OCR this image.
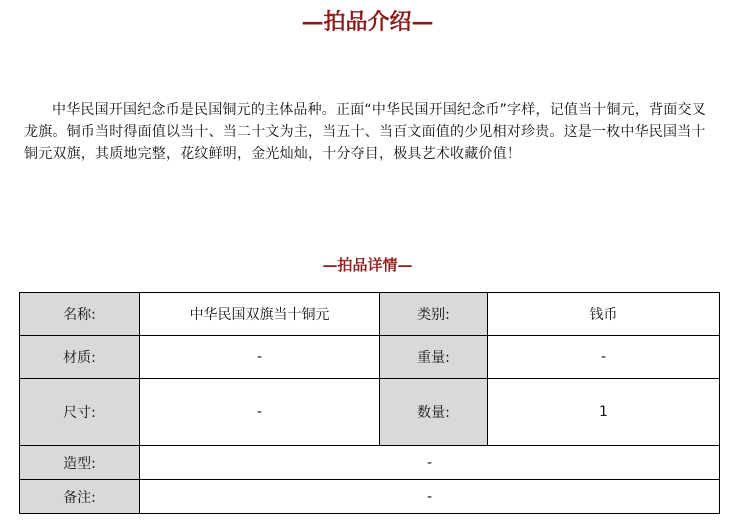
—拍品介绍—

中华民国开国纪念币是民国铜元的主体品种。正面“中华民国开国纪念币”字样，记值当十铜元，背面交叉龙旗。铜币当时得面值以当十、当二十文为主，当五十、当百文面值的少见相对珍贵。这是一枚中华民国当十铜元双旗，其质地完整，花纹鲜明，金光灿灿，十分夺目，极具艺术收藏价值！

—拍品详情—
名称:	中华民国双旗当十铜元	类别:	钱币
材质:	-	重量:	-
尺寸:	-	数量:	1
造型:	-		
备注:	-		
